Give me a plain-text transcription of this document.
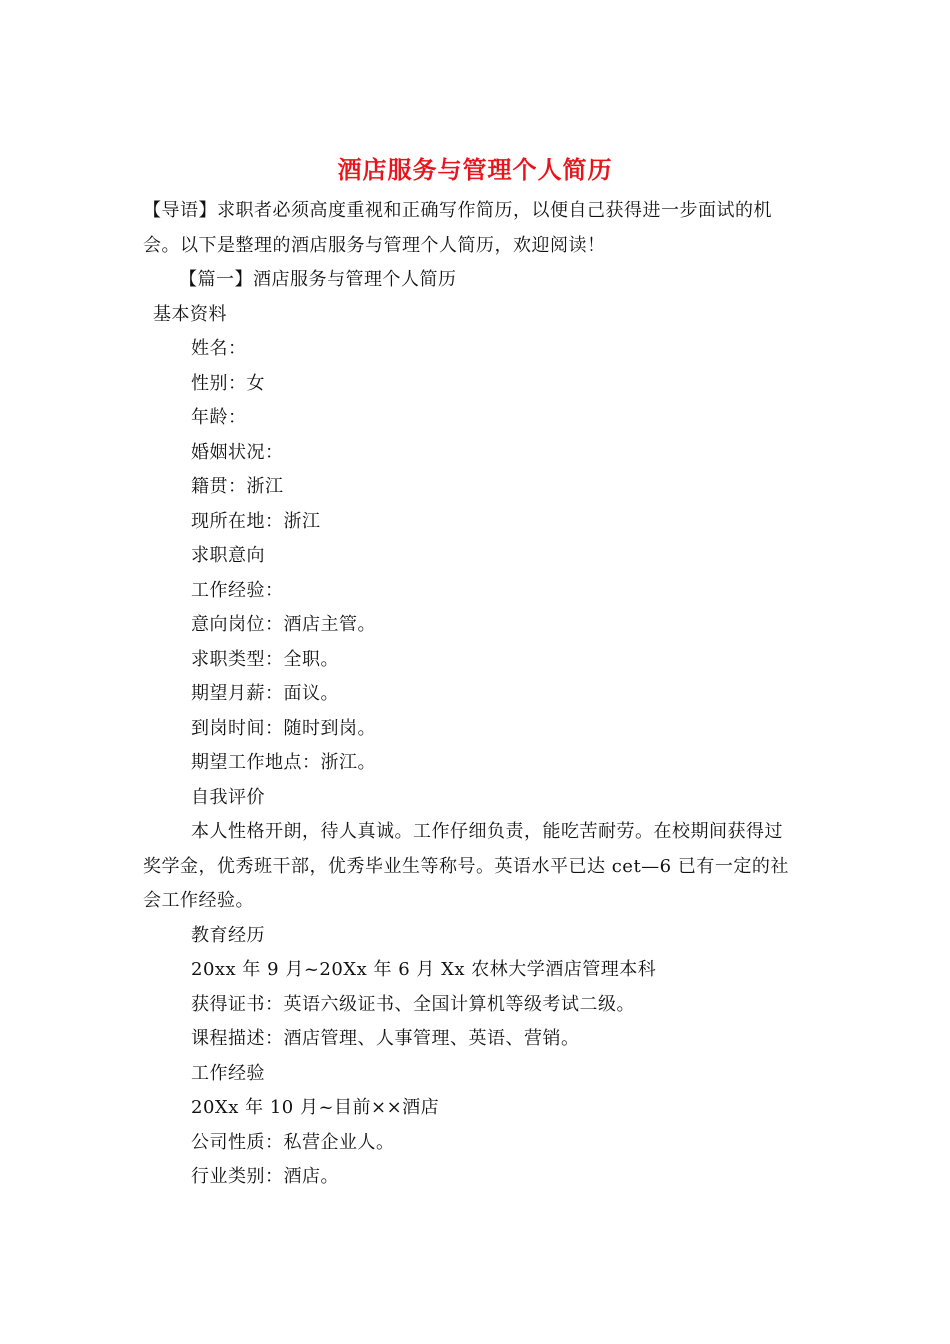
酒店服务与管理个人简历
【导语】求职者必须高度重视和正确写作简历，以便自己获得进一步面试的机
会。以下是整理的酒店服务与管理个人简历，欢迎阅读！
【篇一】酒店服务与管理个人简历
基本资料
姓名：
性别：女
年龄：
婚姻状况：
籍贯：浙江
现所在地：浙江
求职意向
工作经验：
意向岗位：酒店主管。
求职类型：全职。
期望月薪：面议。
到岗时间：随时到岗。
期望工作地点：浙江。
自我评价
本人性格开朗，待人真诚。工作仔细负责，能吃苦耐劳。在校期间获得过
奖学金，优秀班干部，优秀毕业生等称号。英语水平已达 cet—6 已有一定的社
会工作经验。
教育经历
20xx 年 9 月~20Xx 年 6 月 Xx 农林大学酒店管理本科
获得证书：英语六级证书、全国计算机等级考试二级。
课程描述：酒店管理、人事管理、英语、营销。
工作经验
20Xx 年 10 月~目前××酒店
公司性质：私营企业人。
行业类别：酒店。
